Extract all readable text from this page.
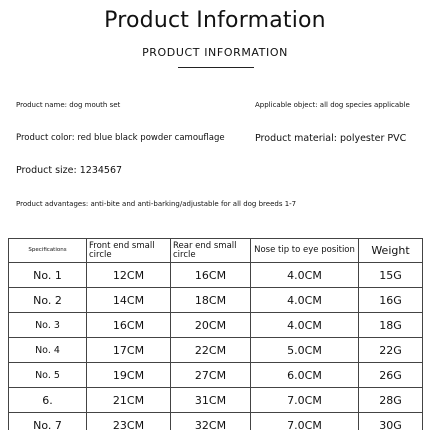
Product Information
PRODUCT INFORMATION
Product name: dog mouth set	Applicable object: all dog species applicable
Product color: red blue black powder camouflage	Product material: polyester PVC
Product size: 1234567
Product advantages: anti-bite and anti-barking/adjustable for all dog breeds 1-7
Specifications	Front end small circle	Rear end small circle	Nose tip to eye position	Weight
No. 1	12CM	16CM	4.0CM	15G
No. 2	14CM	18CM	4.0CM	16G
No. 3	16CM	20CM	4.0CM	18G
No. 4	17CM	22CM	5.0CM	22G
No. 5	19CM	27CM	6.0CM	26G
6.	21CM	31CM	7.0CM	28G
No. 7	23CM	32CM	7.0CM	30G
